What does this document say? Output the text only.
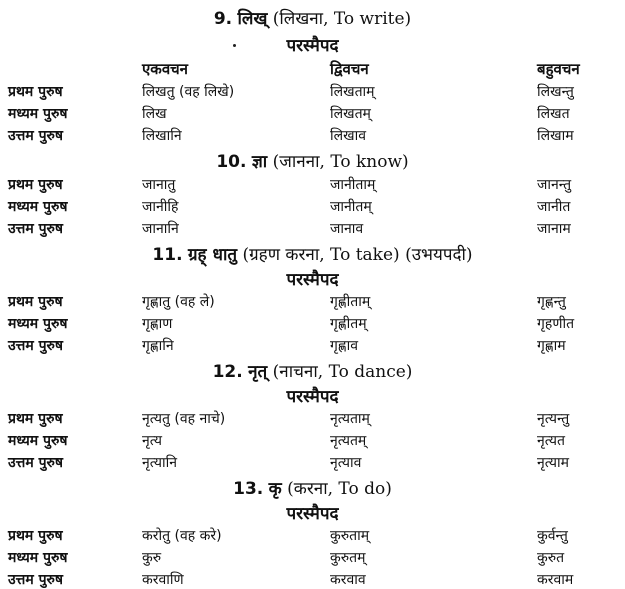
9. लिख् (लिखना, To write)
परस्मैपद
एकवचन	द्विवचन	बहुवचन
प्रथम पुरुष	लिखतु (वह लिखे)	लिखताम्	लिखन्तु
मध्यम पुरुष	लिख	लिखतम्	लिखत
उत्तम पुरुष	लिखानि	लिखाव	लिखाम
10. ज्ञा (जानना, To know)
प्रथम पुरुष	जानातु	जानीताम्	जानन्तु
मध्यम पुरुष	जानीहि	जानीतम्	जानीत
उत्तम पुरुष	जानानि	जानाव	जानाम
11. ग्रह् धातु (ग्रहण करना, To take) (उभयपदी)
परस्मैपद
प्रथम पुरुष	गृह्णातु (वह ले)	गृह्णीताम्	गृह्णन्तु
मध्यम पुरुष	गृह्णाण	गृह्णीतम्	गृहणीत
उत्तम पुरुष	गृह्णानि	गृह्णाव	गृह्णाम
12. नृत् (नाचना, To dance)
परस्मैपद
प्रथम पुरुष	नृत्यतु (वह नाचे)	नृत्यताम्	नृत्यन्तु
मध्यम पुरुष	नृत्य	नृत्यतम्	नृत्यत
उत्तम पुरुष	नृत्यानि	नृत्याव	नृत्याम
13. कृ (करना, To do)
परस्मैपद
प्रथम पुरुष	करोतु (वह करे)	कुरुताम्	कुर्वन्तु
मध्यम पुरुष	कुरु	कुरुतम्	कुरुत
उत्तम पुरुष	करवाणि	करवाव	करवाम
